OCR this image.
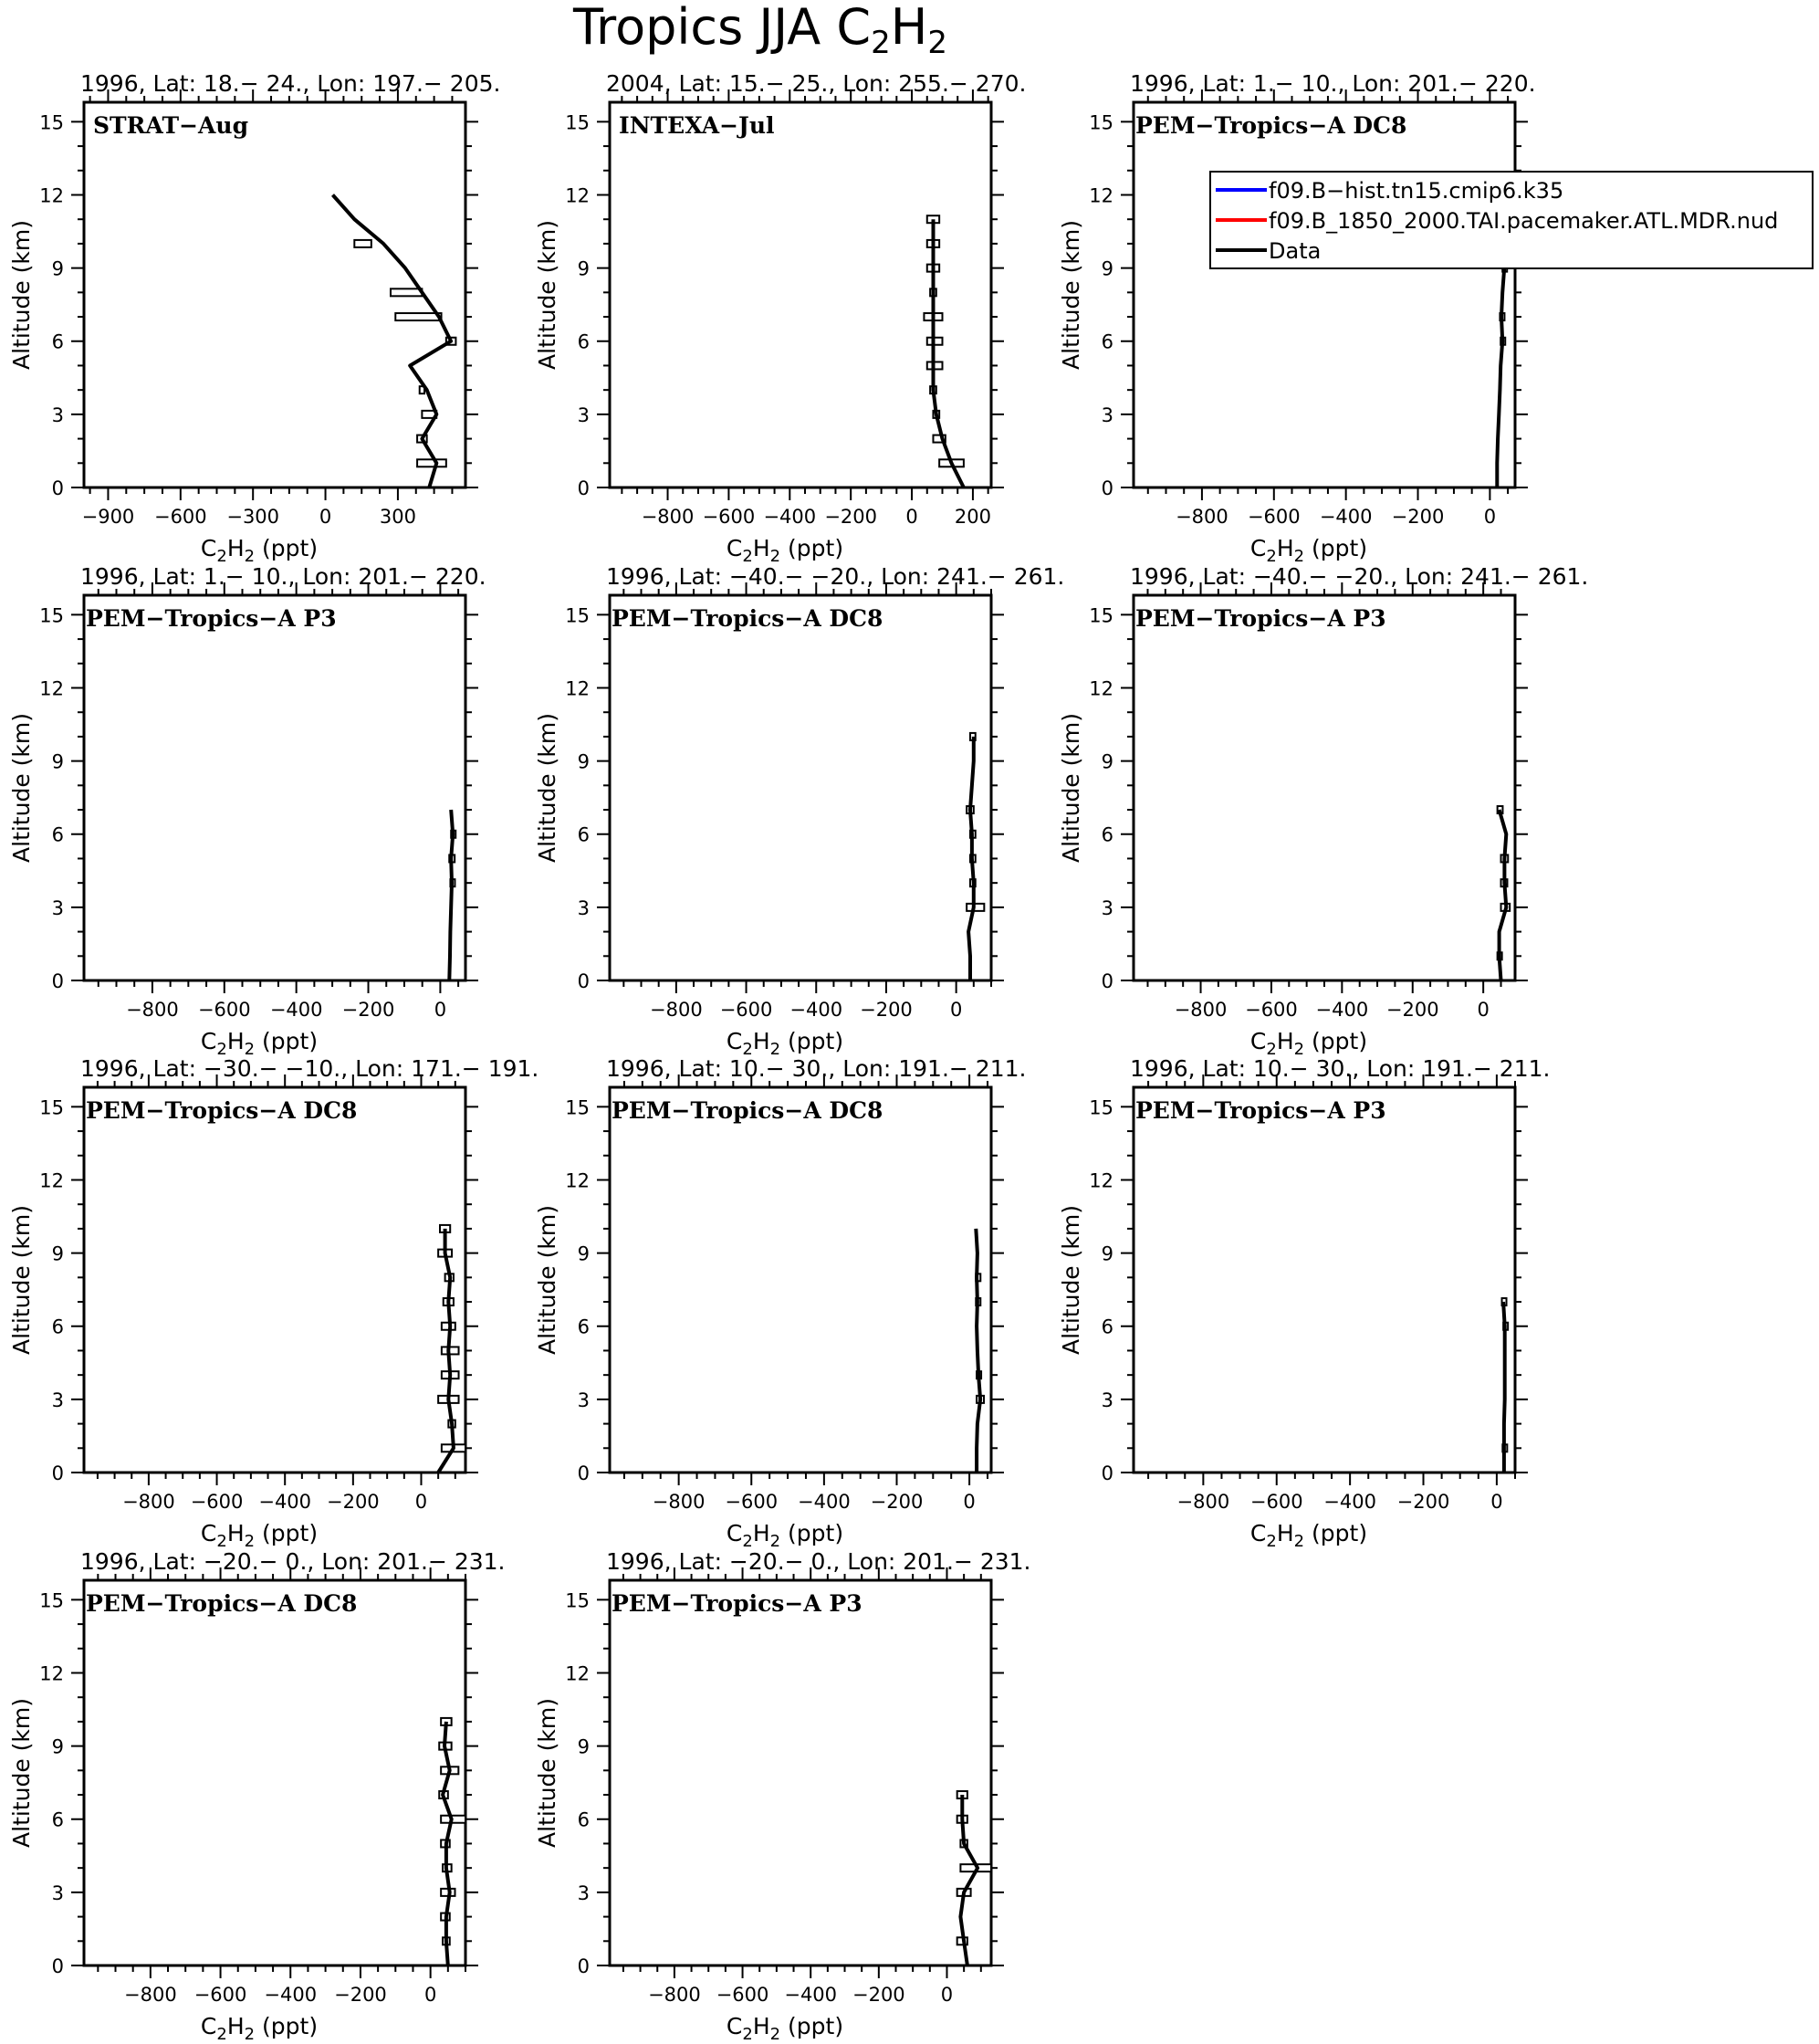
Tropics JJA C2H2
1996, Lat: 18.− 24., Lon: 197.− 205.
0
3
6
9
12
15
−900 −600 −300 0	300
$C_2H_2$ (ppt)
Altitude (km)
STRAT−Aug
2004, Lat: 15.− 25., Lon: 255.− 270.
0
3
6
9
12
15
−800 −600 −400 −200 0 200
$C_2H_2$ (ppt)
Altitude (km)
INTEXA−Jul
1996, Lat: 1.− 10., Lon: 201.− 220.
0
3
6
9
12
15
−800 −600 −400 −200 0
$C_2H_2$ (ppt)
Altitude (km)
PEM−Tropics−A DC8
1996, Lat: 1.− 10., Lon: 201.− 220.
0
3
6
9
12
15
−800 −600 −400 −200 0
$C_2H_2$ (ppt)
Altitude (km)
PEM−Tropics−A P3
1996, Lat: −40.− −20., Lon: 241.− 261.
0
3
6
9
12
15
−800 −600 −400 −200 0
$C_2H_2$ (ppt)
Altitude (km)
PEM−Tropics−A DC8
1996, Lat: −40.− −20., Lon: 241.− 261.
0
3
6
9
12
15
−800 −600 −400 −200 0
$C_2H_2$ (ppt)
Altitude (km)
PEM−Tropics−A P3
1996, Lat: −30.− −10., Lon: 171.− 191.
0
3
6
9
12
15
−800 −600 −400 −200 0
$C_2H_2$ (ppt)
Altitude (km)
PEM−Tropics−A DC8
1996, Lat: 10.− 30., Lon: 191.− 211.
0
3
6
9
12
15
−800 −600 −400 −200 0
$C_2H_2$ (ppt)
Altitude (km)
PEM−Tropics−A DC8
1996, Lat: 10.− 30., Lon: 191.− 211.
0
3
6
9
12
15
−800 −600 −400 −200 0
$C_2H_2$ (ppt)
Altitude (km)
PEM−Tropics−A P3
1996, Lat: −20.− 0., Lon: 201.− 231.
0
3
6
9
12
15
−800 −600 −400 −200 0
$C_2H_2$ (ppt)
Altitude (km)
PEM−Tropics−A DC8
1996, Lat: −20.− 0., Lon: 201.− 231.
0
3
6
9
12
15
−800 −600 −400 −200 0
$C_2H_2$ (ppt)
Altitude (km)
PEM−Tropics−A P3
f09.B−hist.tn15.cmip6.k35
f09.B_1850_2000.TAI.pacemaker.ATL.MDR.nud
Data
